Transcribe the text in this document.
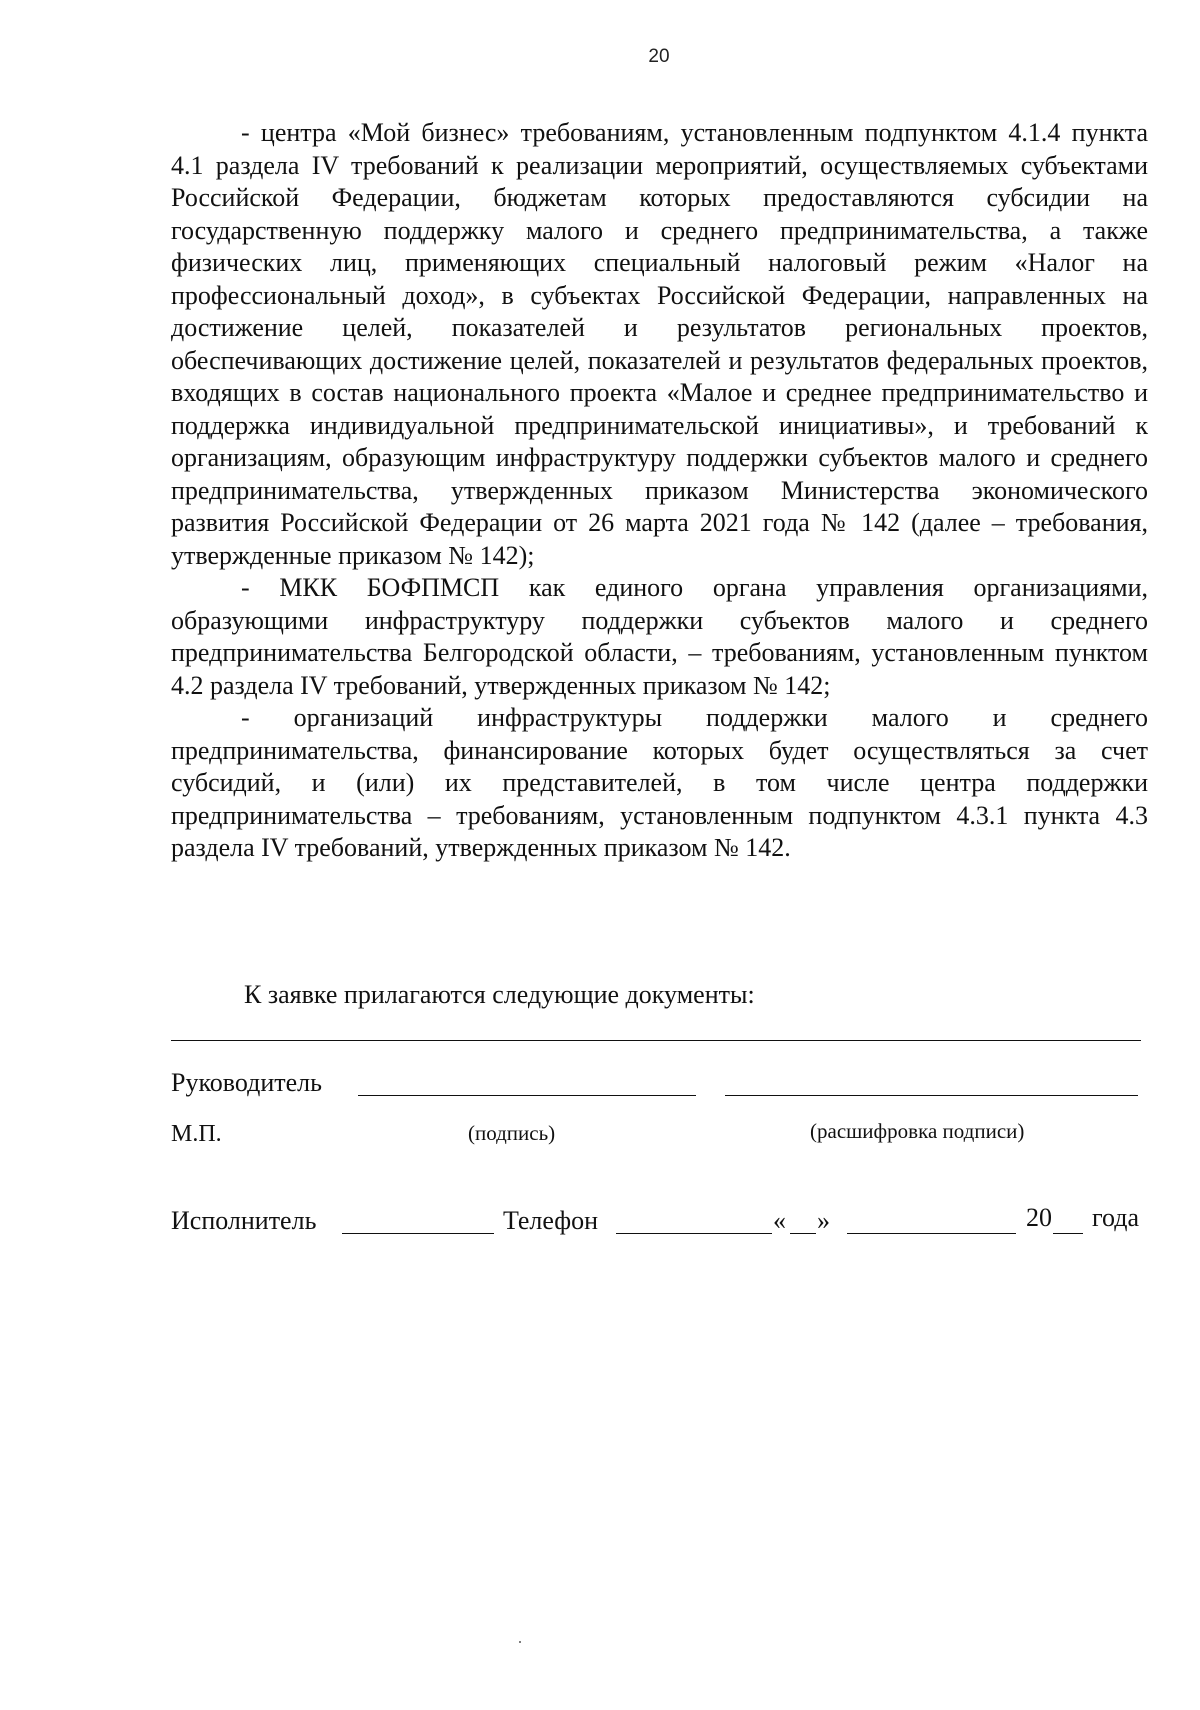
20

- центра «Мой бизнес» требованиям, установленным подпунктом 4.1.4 пункта 4.1 раздела IV требований к реализации мероприятий, осуществляемых субъектами Российской Федерации, бюджетам которых предоставляются субсидии на государственную поддержку малого и среднего предпринимательства, а также физических лиц, применяющих специальный налоговый режим «Налог на профессиональный доход», в субъектах Российской Федерации, направленных на достижение целей, показателей и результатов региональных проектов, обеспечивающих достижение целей, показателей и результатов федеральных проектов, входящих в состав национального проекта «Малое и среднее предпринимательство и поддержка индивидуальной предпринимательской инициативы», и требований к организациям, образующим инфраструктуру поддержки субъектов малого и среднего предпринимательства, утвержденных приказом Министерства экономического развития Российской Федерации от 26 марта 2021 года № 142 (далее – требования, утвержденные приказом № 142);

- МКК БОФПМСП как единого органа управления организациями, образующими инфраструктуру поддержки субъектов малого и среднего предпринимательства Белгородской области, – требованиям, установленным пунктом 4.2 раздела IV требований, утвержденных приказом № 142;

- организаций инфраструктуры поддержки малого и среднего предпринимательства, финансирование которых будет осуществляться за счет субсидий, и (или) их представителей, в том числе центра поддержки предпринимательства – требованиям, установленным подпунктом 4.3.1 пункта 4.3 раздела IV требований, утвержденных приказом № 142.

К заявке прилагаются следующие документы:
Руководитель
М.П.	(подпись)	(расшифровка подписи)
Исполнитель	Телефон	« »	20 года
